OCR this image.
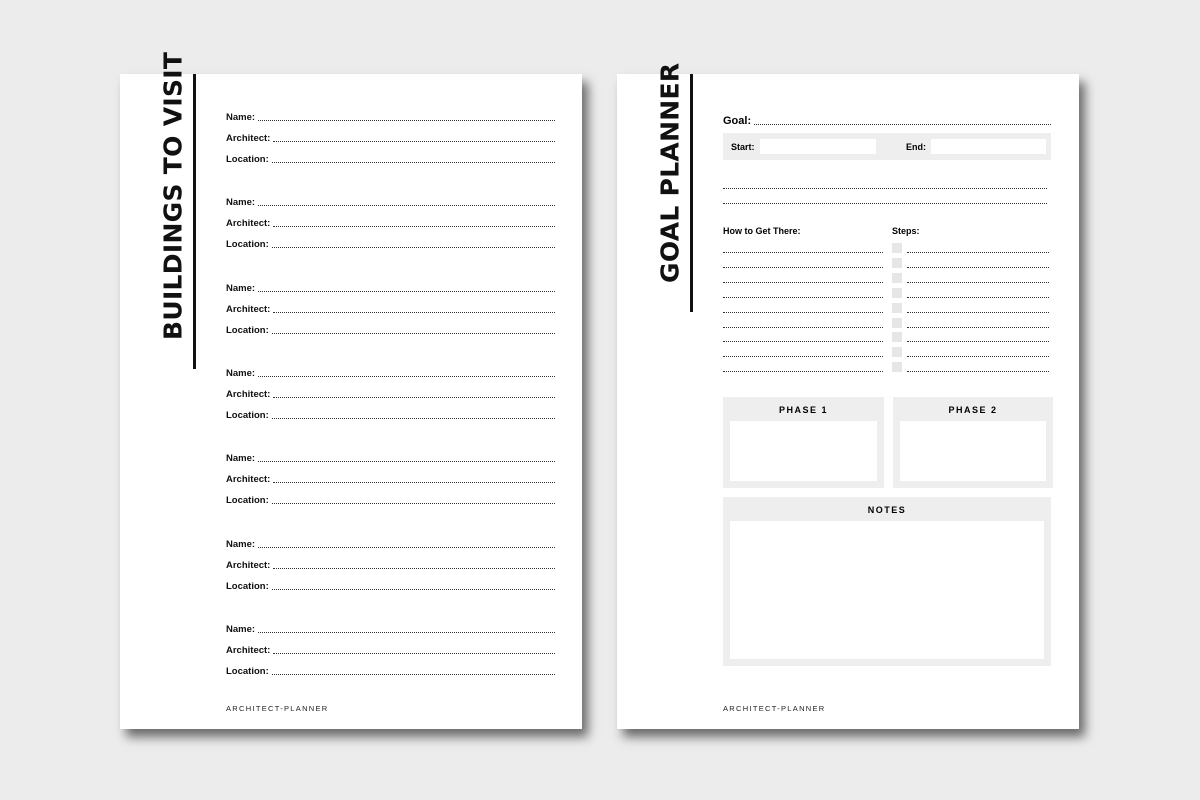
BUILDINGS TO VISIT	Name:
Architect:
Location:
Name:
Architect:
Location:
Name:
Architect:
Location:
Name:
Architect:
Location:
Name:
Architect:
Location:
Name:
Architect:
Location:
Name:
Architect:
Location:
ARCHITECT-PLANNER
GOAL PLANNER	Goal:
Start:	End:
How to Get There:	Steps:
PHASE 1	PHASE 2
NOTES
ARCHITECT-PLANNER
